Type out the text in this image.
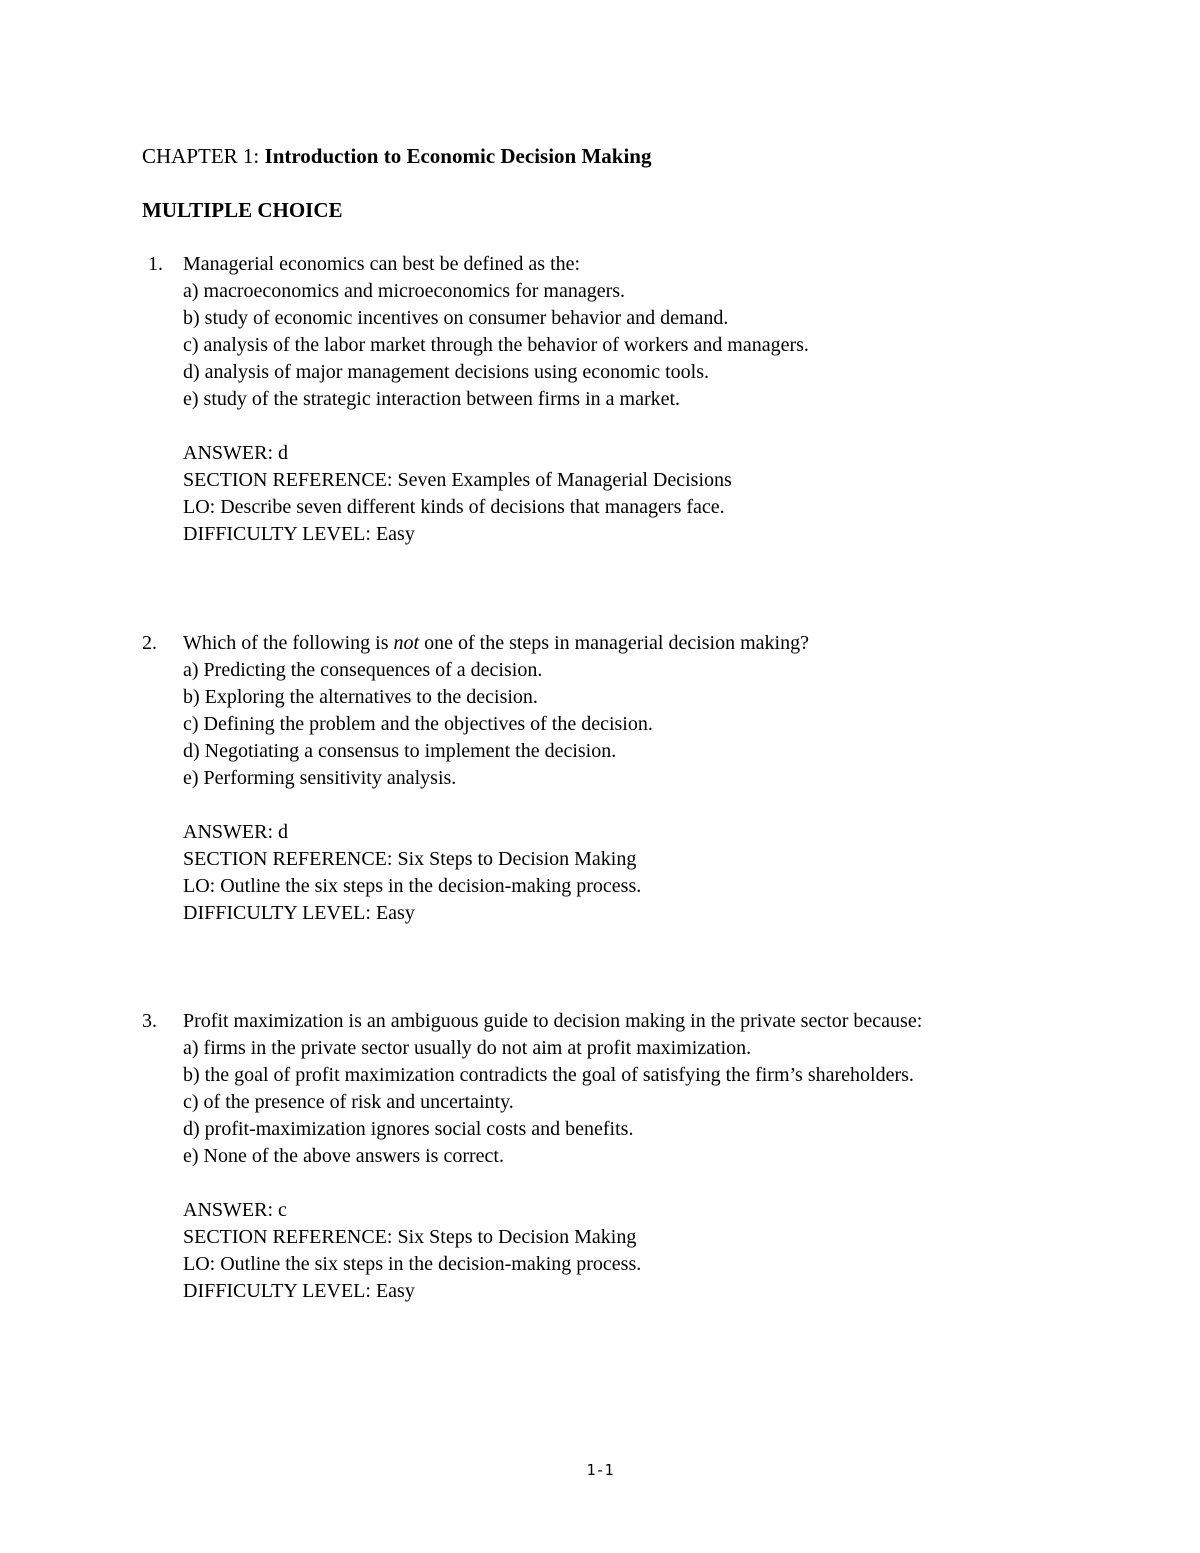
CHAPTER 1: Introduction to Economic Decision Making
MULTIPLE CHOICE
1. Managerial economics can best be defined as the:
a) macroeconomics and microeconomics for managers.
b) study of economic incentives on consumer behavior and demand.
c) analysis of the labor market through the behavior of workers and managers.
d) analysis of major management decisions using economic tools.
e) study of the strategic interaction between firms in a market.
ANSWER: d
SECTION REFERENCE: Seven Examples of Managerial Decisions
LO: Describe seven different kinds of decisions that managers face.
DIFFICULTY LEVEL: Easy
2. Which of the following is not one of the steps in managerial decision making?
a) Predicting the consequences of a decision.
b) Exploring the alternatives to the decision.
c) Defining the problem and the objectives of the decision.
d) Negotiating a consensus to implement the decision.
e) Performing sensitivity analysis.
ANSWER: d
SECTION REFERENCE: Six Steps to Decision Making
LO: Outline the six steps in the decision-making process.
DIFFICULTY LEVEL: Easy
3. Profit maximization is an ambiguous guide to decision making in the private sector because:
a) firms in the private sector usually do not aim at profit maximization.
b) the goal of profit maximization contradicts the goal of satisfying the firm’s shareholders.
c) of the presence of risk and uncertainty.
d) profit-maximization ignores social costs and benefits.
e) None of the above answers is correct.
ANSWER: c
SECTION REFERENCE: Six Steps to Decision Making
LO: Outline the six steps in the decision-making process.
DIFFICULTY LEVEL: Easy
1-1
